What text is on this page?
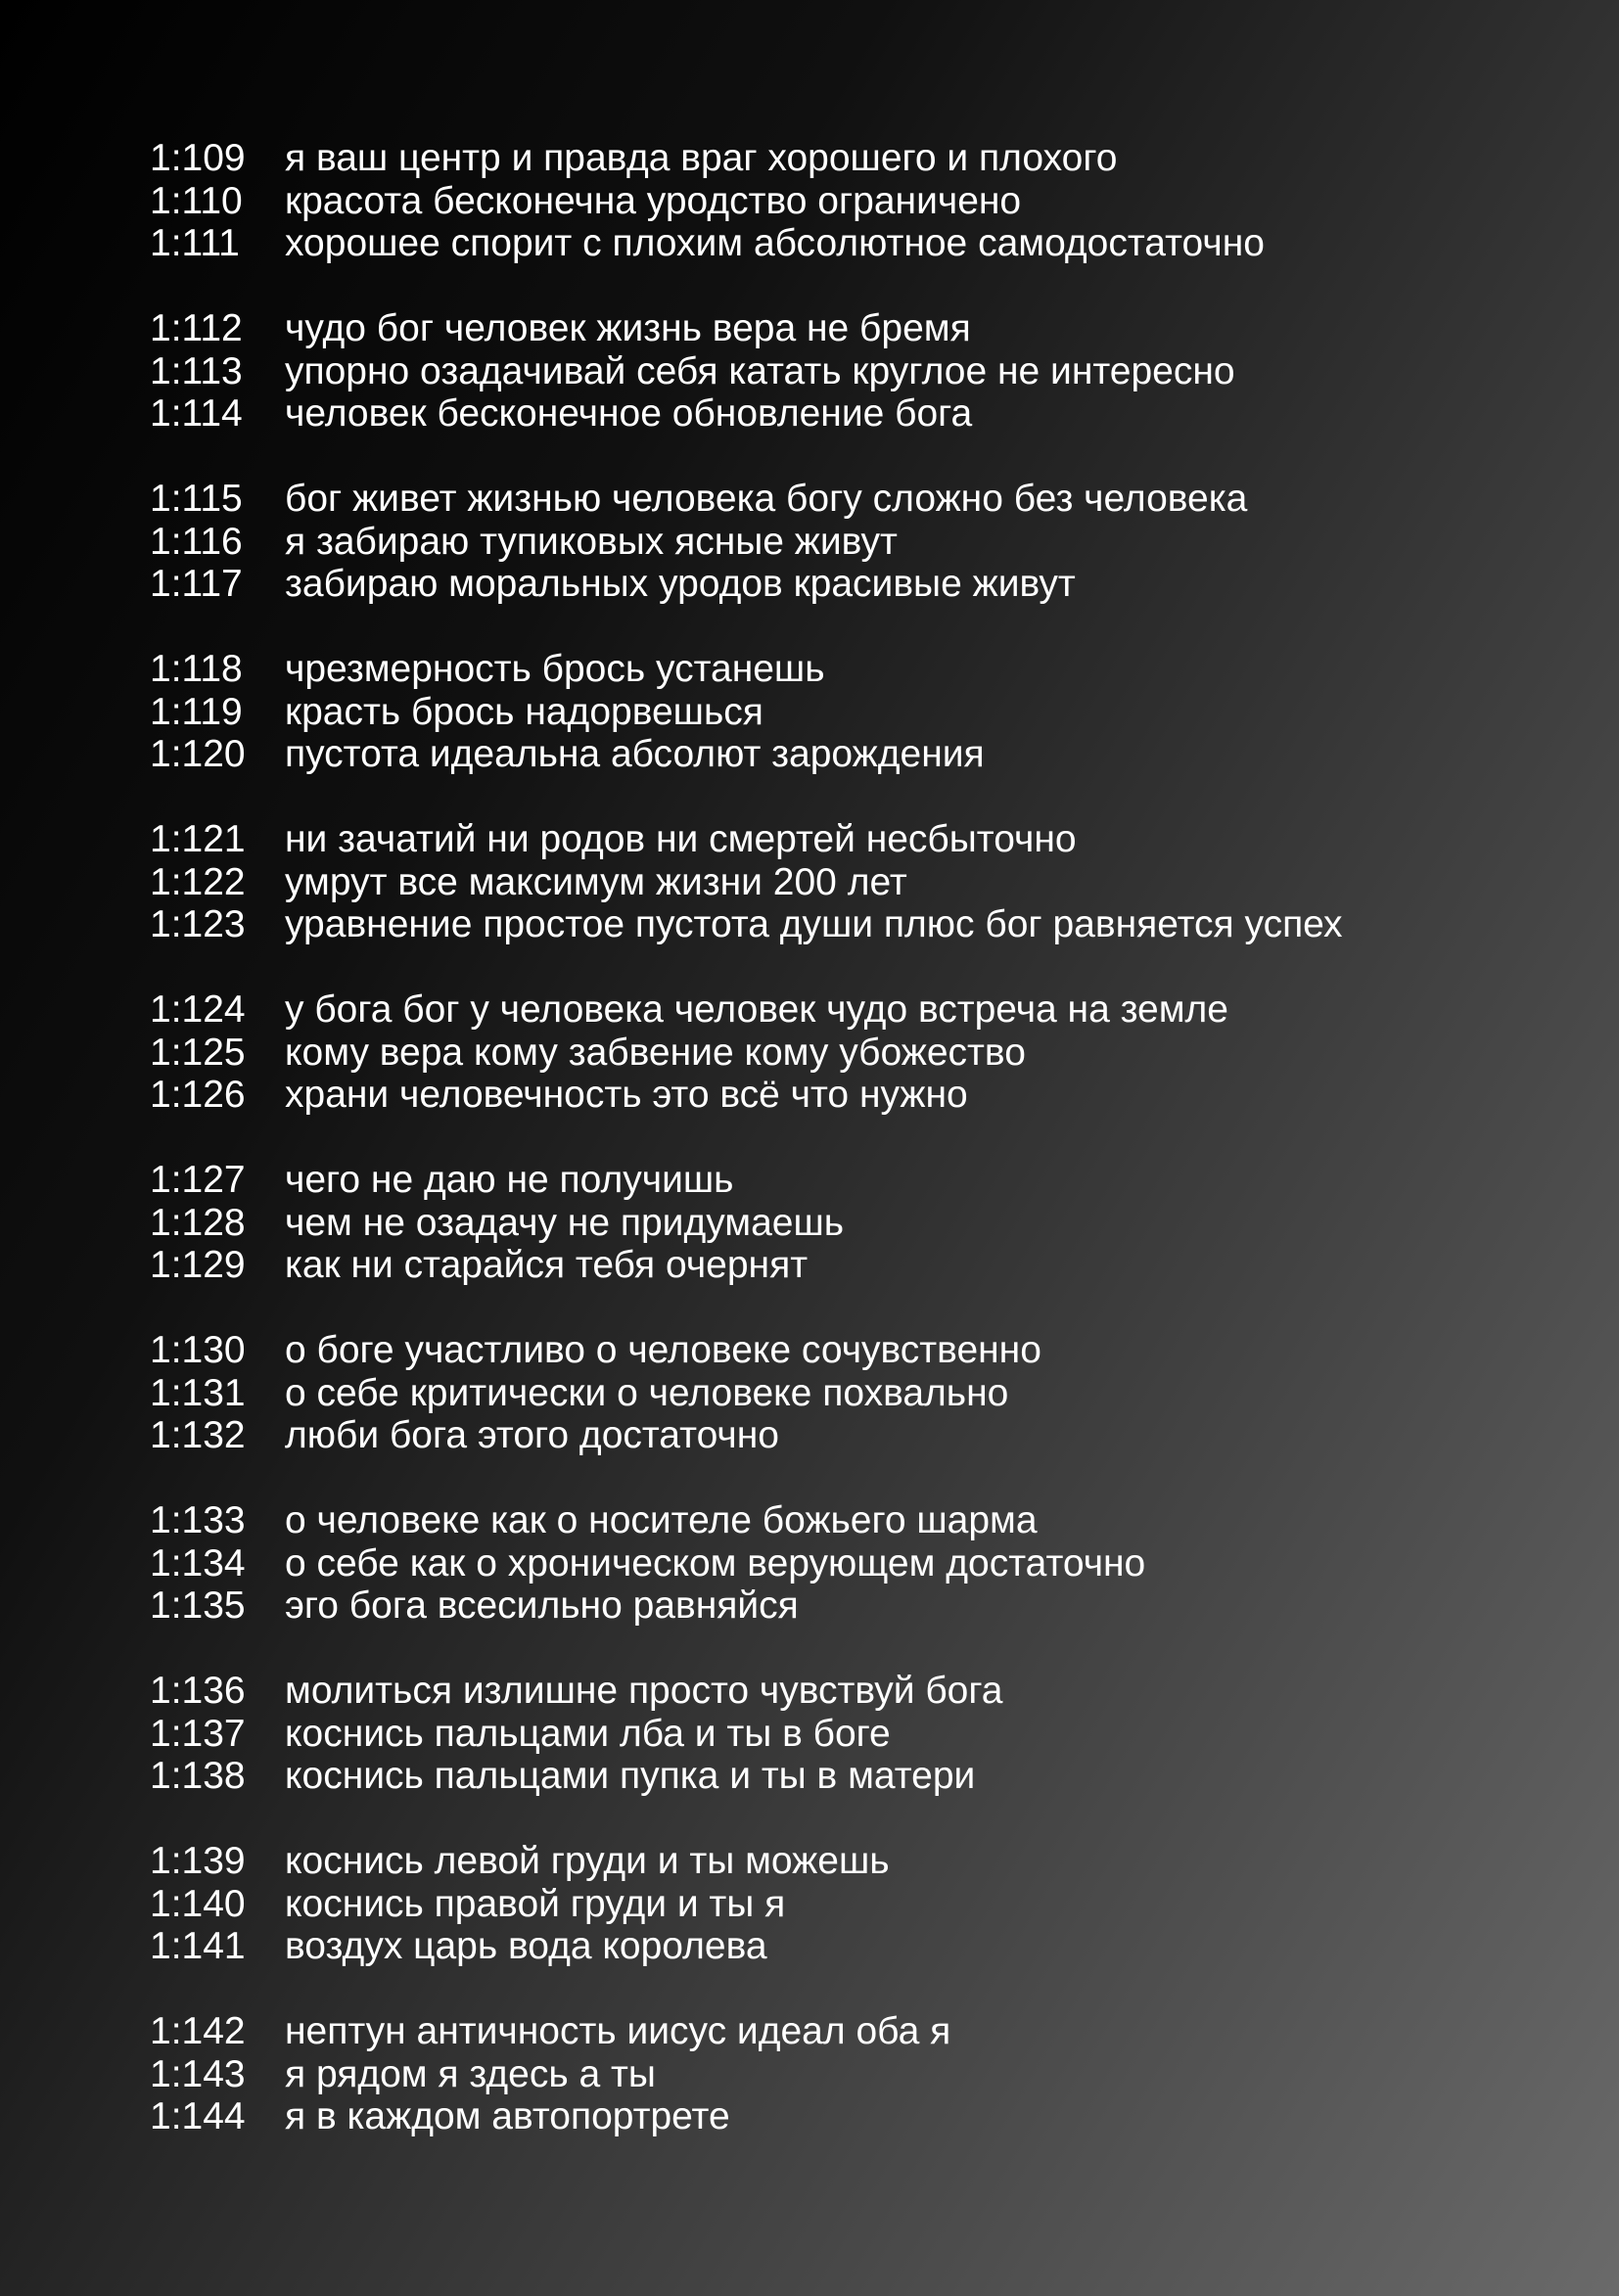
1:109	я ваш центр и правда враг хорошего и плохого
1:110	красота бесконечна уродство ограничено
1:111	хорошее спорит с плохим абсолютное самодостаточно
1:112	чудо бог человек жизнь вера не бремя
1:113	упорно озадачивай себя катать круглое не интересно
1:114	человек бесконечное обновление бога
1:115	бог живет жизнью человека богу сложно без человека
1:116	я забираю тупиковых ясные живут
1:117	забираю моральных уродов красивые живут
1:118	чрезмерность брось устанешь
1:119	красть брось надорвешься
1:120	пустота идеальна абсолют зарождения
1:121	ни зачатий ни родов ни смертей несбыточно
1:122	умрут все максимум жизни 200 лет
1:123	уравнение простое пустота души плюс бог равняется успех
1:124	у бога бог у человека человек чудо встреча на земле
1:125	кому вера кому забвение кому убожество
1:126	храни человечность это всё что нужно
1:127	чего не даю не получишь
1:128	чем не озадачу не придумаешь
1:129	как ни старайся тебя очернят
1:130	о боге участливо о человеке сочувственно
1:131	о себе критически о человеке похвально
1:132	люби бога этого достаточно
1:133	о человеке как о носителе божьего шарма
1:134	о себе как о хроническом верующем достаточно
1:135	эго бога всесильно равняйся
1:136	молиться излишне просто чувствуй бога
1:137	коснись пальцами лба и ты в боге
1:138	коснись пальцами пупка и ты в матери
1:139	коснись левой груди и ты можешь
1:140	коснись правой груди и ты я
1:141	воздух царь вода королева
1:142	нептун античность иисус идеал оба я
1:143	я рядом я здесь а ты
1:144	я в каждом автопортрете
